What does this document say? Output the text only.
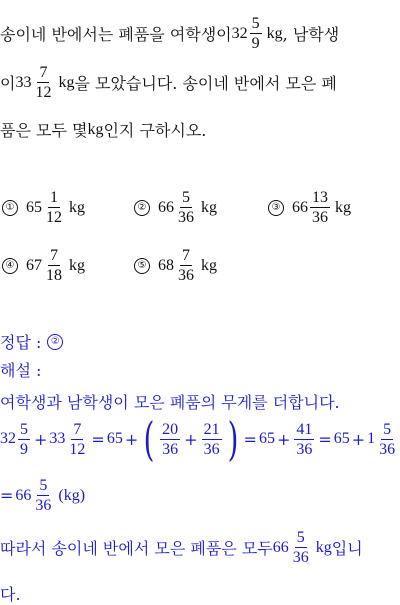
송이네 반에서는 폐품을 여학생이 $32 \frac{5}{9}$ kg , 남학생
이 $33 \frac{7}{12}$ kg 을 모았습니다. 송이네 반에서 모은 폐
품은 모두 몇 kg 인지 구하시오.
① $65 \frac{1}{12}$ kg	② $66 \frac{5}{36}$ kg	③ $66 \frac{13}{36}$ kg
④ $67 \frac{7}{18}$ kg	⑤ $68 \frac{7}{36}$ kg
정답 : ②
해설 :
여학생과 남학생이 모은 폐품의 무게를 더합니다.
$32 \frac{5}{9} + 33 \frac{7}{12} = 65$ + ( $\frac{20}{36} + \frac{21}{36}$ ) = $65 + \frac{41}{36} = 65 + 1 \frac{5}{36}$
= $66 \frac{5}{36} (kg)$
따라서 송이네 반에서 모은 폐품은 모두 $66 \frac{5}{36}$ kg 입니
다.
